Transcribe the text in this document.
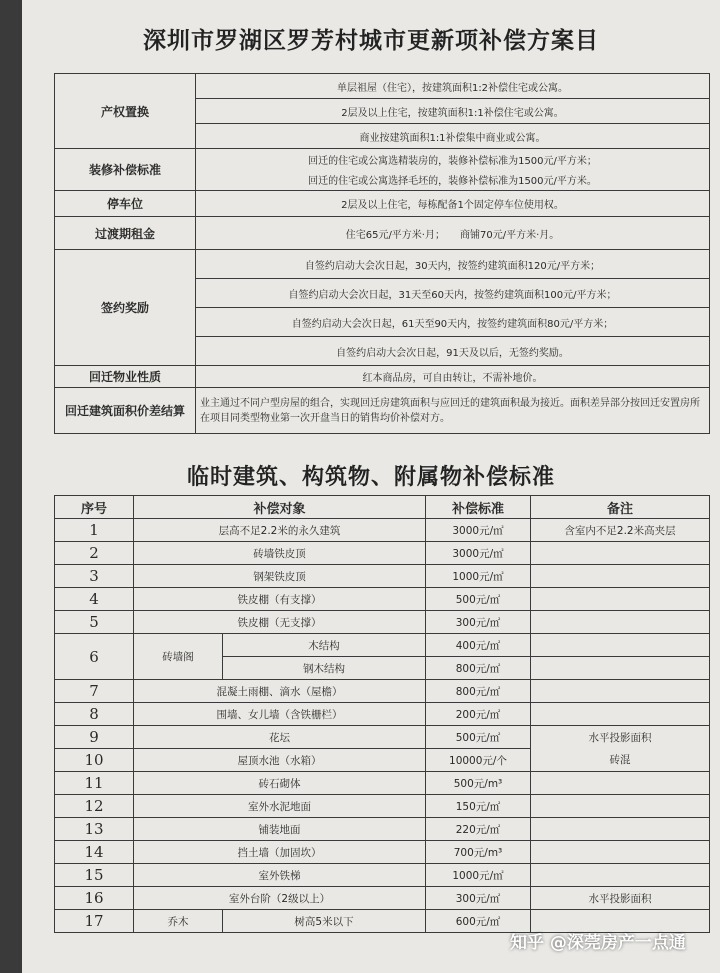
深圳市罗湖区罗芳村城市更新项补偿方案目
产权置换	单层祖屋（住宅），按建筑面积1:2补偿住宅或公寓。
	2层及以上住宅，按建筑面积1:1补偿住宅或公寓。
	商业按建筑面积1:1补偿集中商业或公寓。
装修补偿标准	回迁的住宅或公寓选精装房的，装修补偿标准为1500元/平方米；
	回迁的住宅或公寓选择毛坯的，装修补偿标准为1500元/平方米。
停车位	2层及以上住宅，每栋配备1个固定停车位使用权。
过渡期租金	住宅65元/平方米·月；　　商铺70元/平方米·月。
签约奖励	自签约启动大会次日起，30天内，按签约建筑面积120元/平方米；
	自签约启动大会次日起，31天至60天内，按签约建筑面积100元/平方米；
	自签约启动大会次日起，61天至90天内，按签约建筑面积80元/平方米；
	自签约启动大会次日起，91天及以后，无签约奖励。
回迁物业性质	红本商品房，可自由转让，不需补地价。
回迁建筑面积价差结算	业主通过不同户型房屋的组合，实现回迁房建筑面积与应回迁的建筑面积最为接近。面积差异部分按回迁安置房所在项目同类型物业第一次开盘当日的销售均价补偿对方。
临时建筑、构筑物、附属物补偿标准
序号	补偿对象		补偿标准	备注
1	层高不足2.2米的永久建筑		3000元/㎡	含室内不足2.2米高夹层
2	砖墙铁皮顶		3000元/㎡	
3	钢架铁皮顶		1000元/㎡	
4	铁皮棚（有支撑）		500元/㎡	
5	铁皮棚（无支撑）		300元/㎡	
6	砖墙阁	木结构	400元/㎡	
		钢木结构	800元/㎡	
7	混凝土雨棚、滴水（屋檐）		800元/㎡	
8	围墙、女儿墙（含铁栅栏）		200元/㎡	
9	花坛		500元/㎡	水平投影面积
10	屋顶水池（水箱）		10000元/个	砖混
11	砖石砌体		500元/m³	
12	室外水泥地面		150元/㎡	
13	铺装地面		220元/㎡	
14	挡土墙（加固坎）		700元/m³	
15	室外铁梯		1000元/㎡	
16	室外台阶（2级以上）		300元/㎡	水平投影面积
17	乔木	树高5米以下	600元/㎡	
知乎 @深莞房产一点通
